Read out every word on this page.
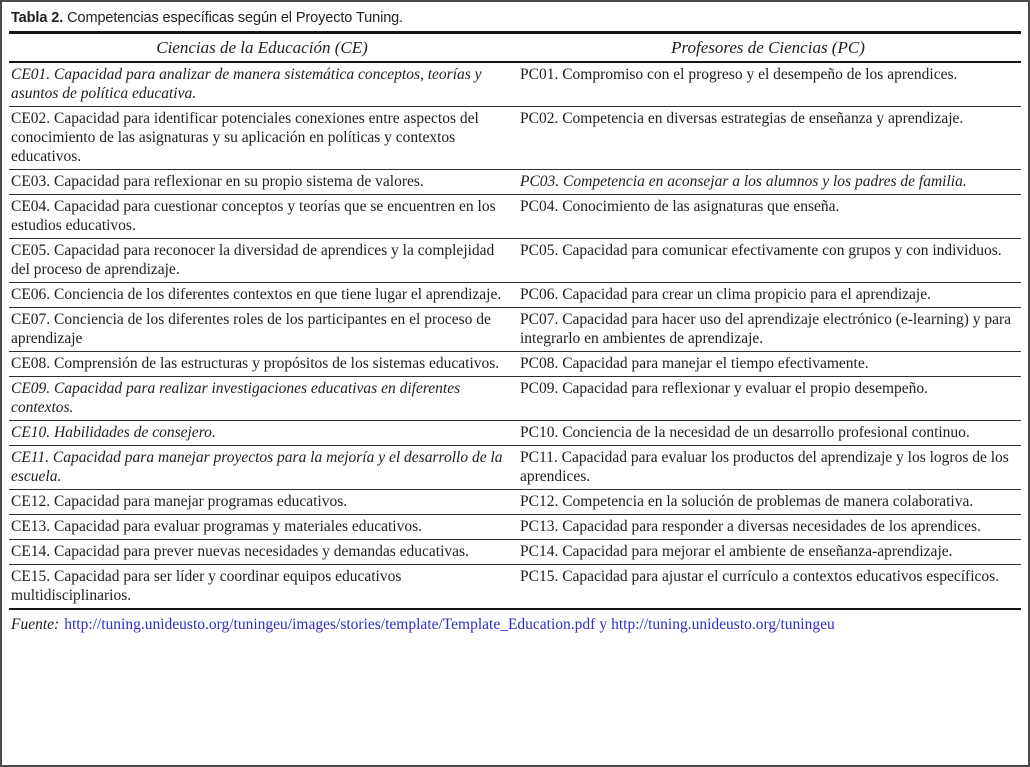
Tabla 2. Competencias específicas según el Proyecto Tuning.
Ciencias de la Educación (CE)	Profesores de Ciencias (PC)
CE01. Capacidad para analizar de manera sistemática conceptos, teorías y asuntos de política educativa.	PC01. Compromiso con el progreso y el desempeño de los aprendices.
CE02. Capacidad para identificar potenciales conexiones entre aspectos del conocimiento de las asignaturas y su aplicación en políticas y contextos educativos.	PC02. Competencia en diversas estrategias de enseñanza y aprendizaje.
CE03. Capacidad para reflexionar en su propio sistema de valores.	PC03. Competencia en aconsejar a los alumnos y los padres de familia.
CE04. Capacidad para cuestionar conceptos y teorías que se encuentren en los estudios educativos.	PC04. Conocimiento de las asignaturas que enseña.
CE05. Capacidad para reconocer la diversidad de aprendices y la complejidad del proceso de aprendizaje.	PC05. Capacidad para comunicar efectivamente con grupos y con individuos.
CE06. Conciencia de los diferentes contextos en que tiene lugar el aprendizaje.	PC06. Capacidad para crear un clima propicio para el aprendizaje.
CE07. Conciencia de los diferentes roles de los participantes en el proceso de aprendizaje	PC07. Capacidad para hacer uso del aprendizaje electrónico (e-learning) y para integrarlo en ambientes de aprendizaje.
CE08. Comprensión de las estructuras y propósitos de los sistemas educativos.	PC08. Capacidad para manejar el tiempo efectivamente.
CE09. Capacidad para realizar investigaciones educativas en diferentes contextos.	PC09. Capacidad para reflexionar y evaluar el propio desempeño.
CE10. Habilidades de consejero.	PC10. Conciencia de la necesidad de un desarrollo profesional continuo.
CE11. Capacidad para manejar proyectos para la mejoría y el desarrollo de la escuela.	PC11. Capacidad para evaluar los productos del aprendizaje y los logros de los aprendices.
CE12. Capacidad para manejar programas educativos.	PC12. Competencia en la solución de problemas de manera colaborativa.
CE13. Capacidad para evaluar programas y materiales educativos.	PC13. Capacidad para responder a diversas necesidades de los aprendices.
CE14. Capacidad para prever nuevas necesidades y demandas educativas.	PC14. Capacidad para mejorar el ambiente de enseñanza-aprendizaje.
CE15. Capacidad para ser líder y coordinar equipos educativos multidisciplinarios.	PC15. Capacidad para ajustar el currículo a contextos educativos específicos.
Fuente: http://tuning.unideusto.org/tuningeu/images/stories/template/Template_Education.pdf y http://tuning.unideusto.org/tuningeu
